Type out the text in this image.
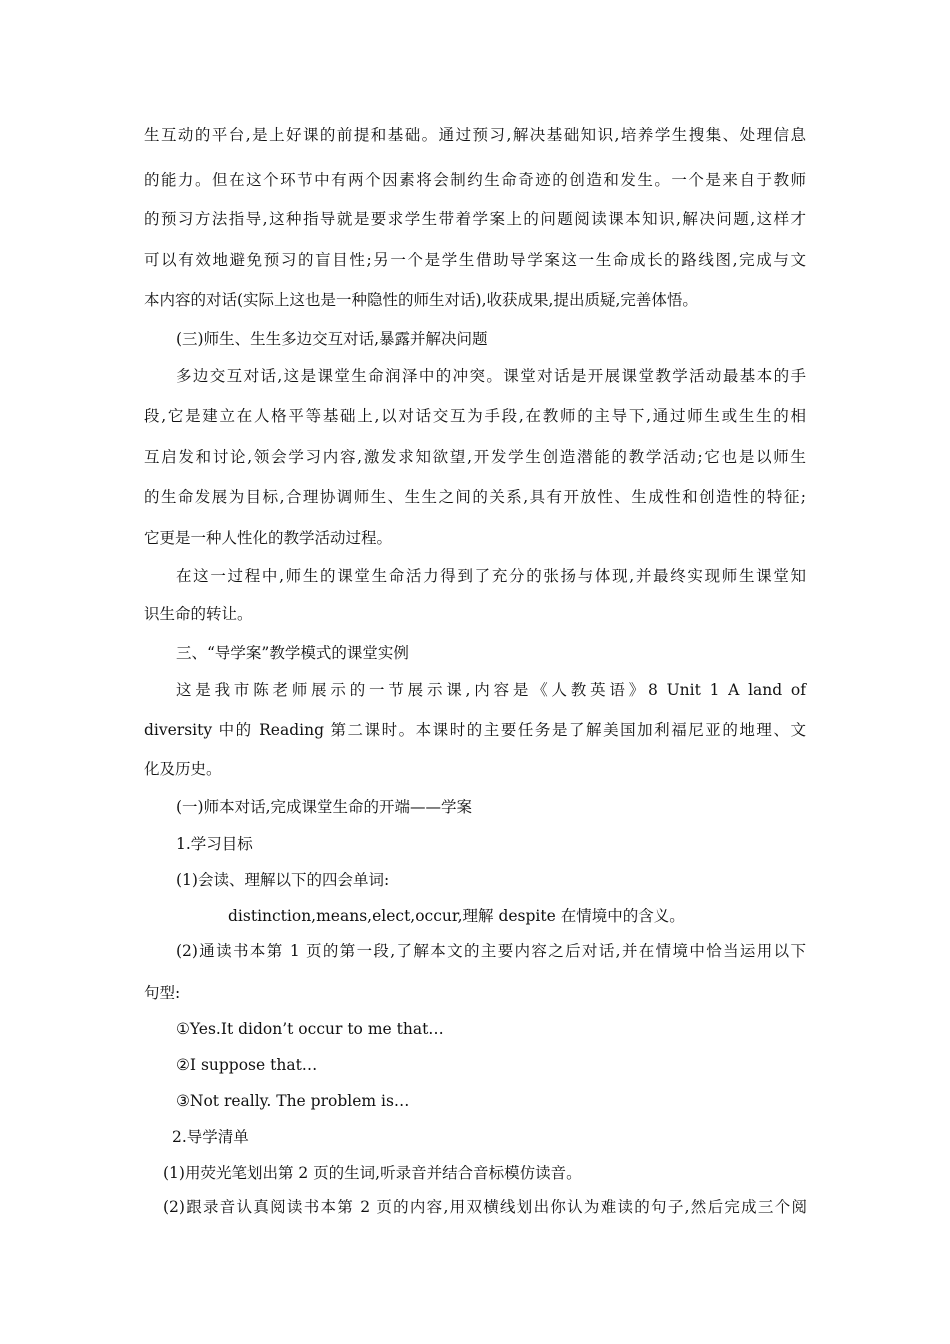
生互动的平台,是上好课的前提和基础。通过预习,解决基础知识,培养学生搜集、处理信息

的能力。但在这个环节中有两个因素将会制约生命奇迹的创造和发生。一个是来自于教师

的预习方法指导,这种指导就是要求学生带着学案上的问题阅读课本知识,解决问题,这样才

可以有效地避免预习的盲目性;另一个是学生借助导学案这一生命成长的路线图,完成与文

本内容的对话(实际上这也是一种隐性的师生对话),收获成果,提出质疑,完善体悟。

(三)师生、生生多边交互对话,暴露并解决问题

多边交互对话,这是课堂生命润泽中的冲突。课堂对话是开展课堂教学活动最基本的手

段,它是建立在人格平等基础上,以对话交互为手段,在教师的主导下,通过师生或生生的相

互启发和讨论,领会学习内容,激发求知欲望,开发学生创造潜能的教学活动;它也是以师生

的生命发展为目标,合理协调师生、生生之间的关系,具有开放性、生成性和创造性的特征;

它更是一种人性化的教学活动过程。

在这一过程中,师生的课堂生命活力得到了充分的张扬与体现,并最终实现师生课堂知

识生命的转让。

三、“导学案”教学模式的课堂实例

这是我市陈老师展示的一节展示课,内容是《人教英语》8 Unit 1 A land of

diversity 中的 Reading 第二课时。本课时的主要任务是了解美国加利福尼亚的地理、文

化及历史。

(一)师本对话,完成课堂生命的开端——学案

1.学习目标

(1)会读、理解以下的四会单词:

distinction,means,elect,occur,理解 despite 在情境中的含义。

(2)通读书本第 1 页的第一段,了解本文的主要内容之后对话,并在情境中恰当运用以下

句型:

①Yes.It didon’t occur to me that…

②I suppose that…

③Not really. The problem is…

2.导学清单

(1)用荧光笔划出第 2 页的生词,听录音并结合音标模仿读音。

(2)跟录音认真阅读书本第 2 页的内容,用双横线划出你认为难读的句子,然后完成三个阅
